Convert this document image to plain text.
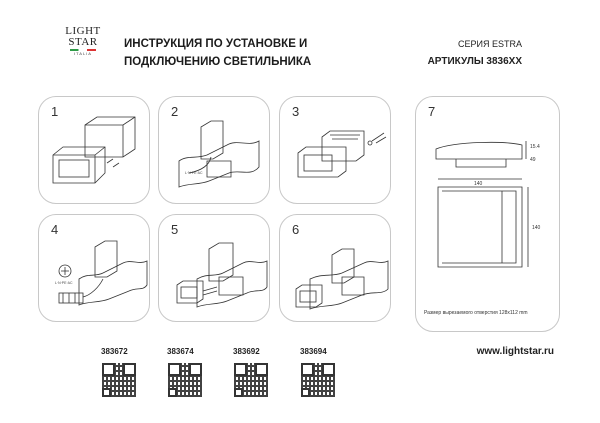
LIGHT
STAR
ITALIA
ИНСТРУКЦИЯ ПО УСТАНОВКЕ И
ПОДКЛЮЧЕНИЮ СВЕТИЛЬНИКА
СЕРИЯ ESTRA
АРТИКУЛЫ 3836XX
1	2
L·N·PE·AC
3	7
15.4
49
140
140
Размер вырезаемого отверстия 128x112 mm
4
L·N·PE·AC
5	6
383672	383674	383692	383694	www.lightstar.ru
